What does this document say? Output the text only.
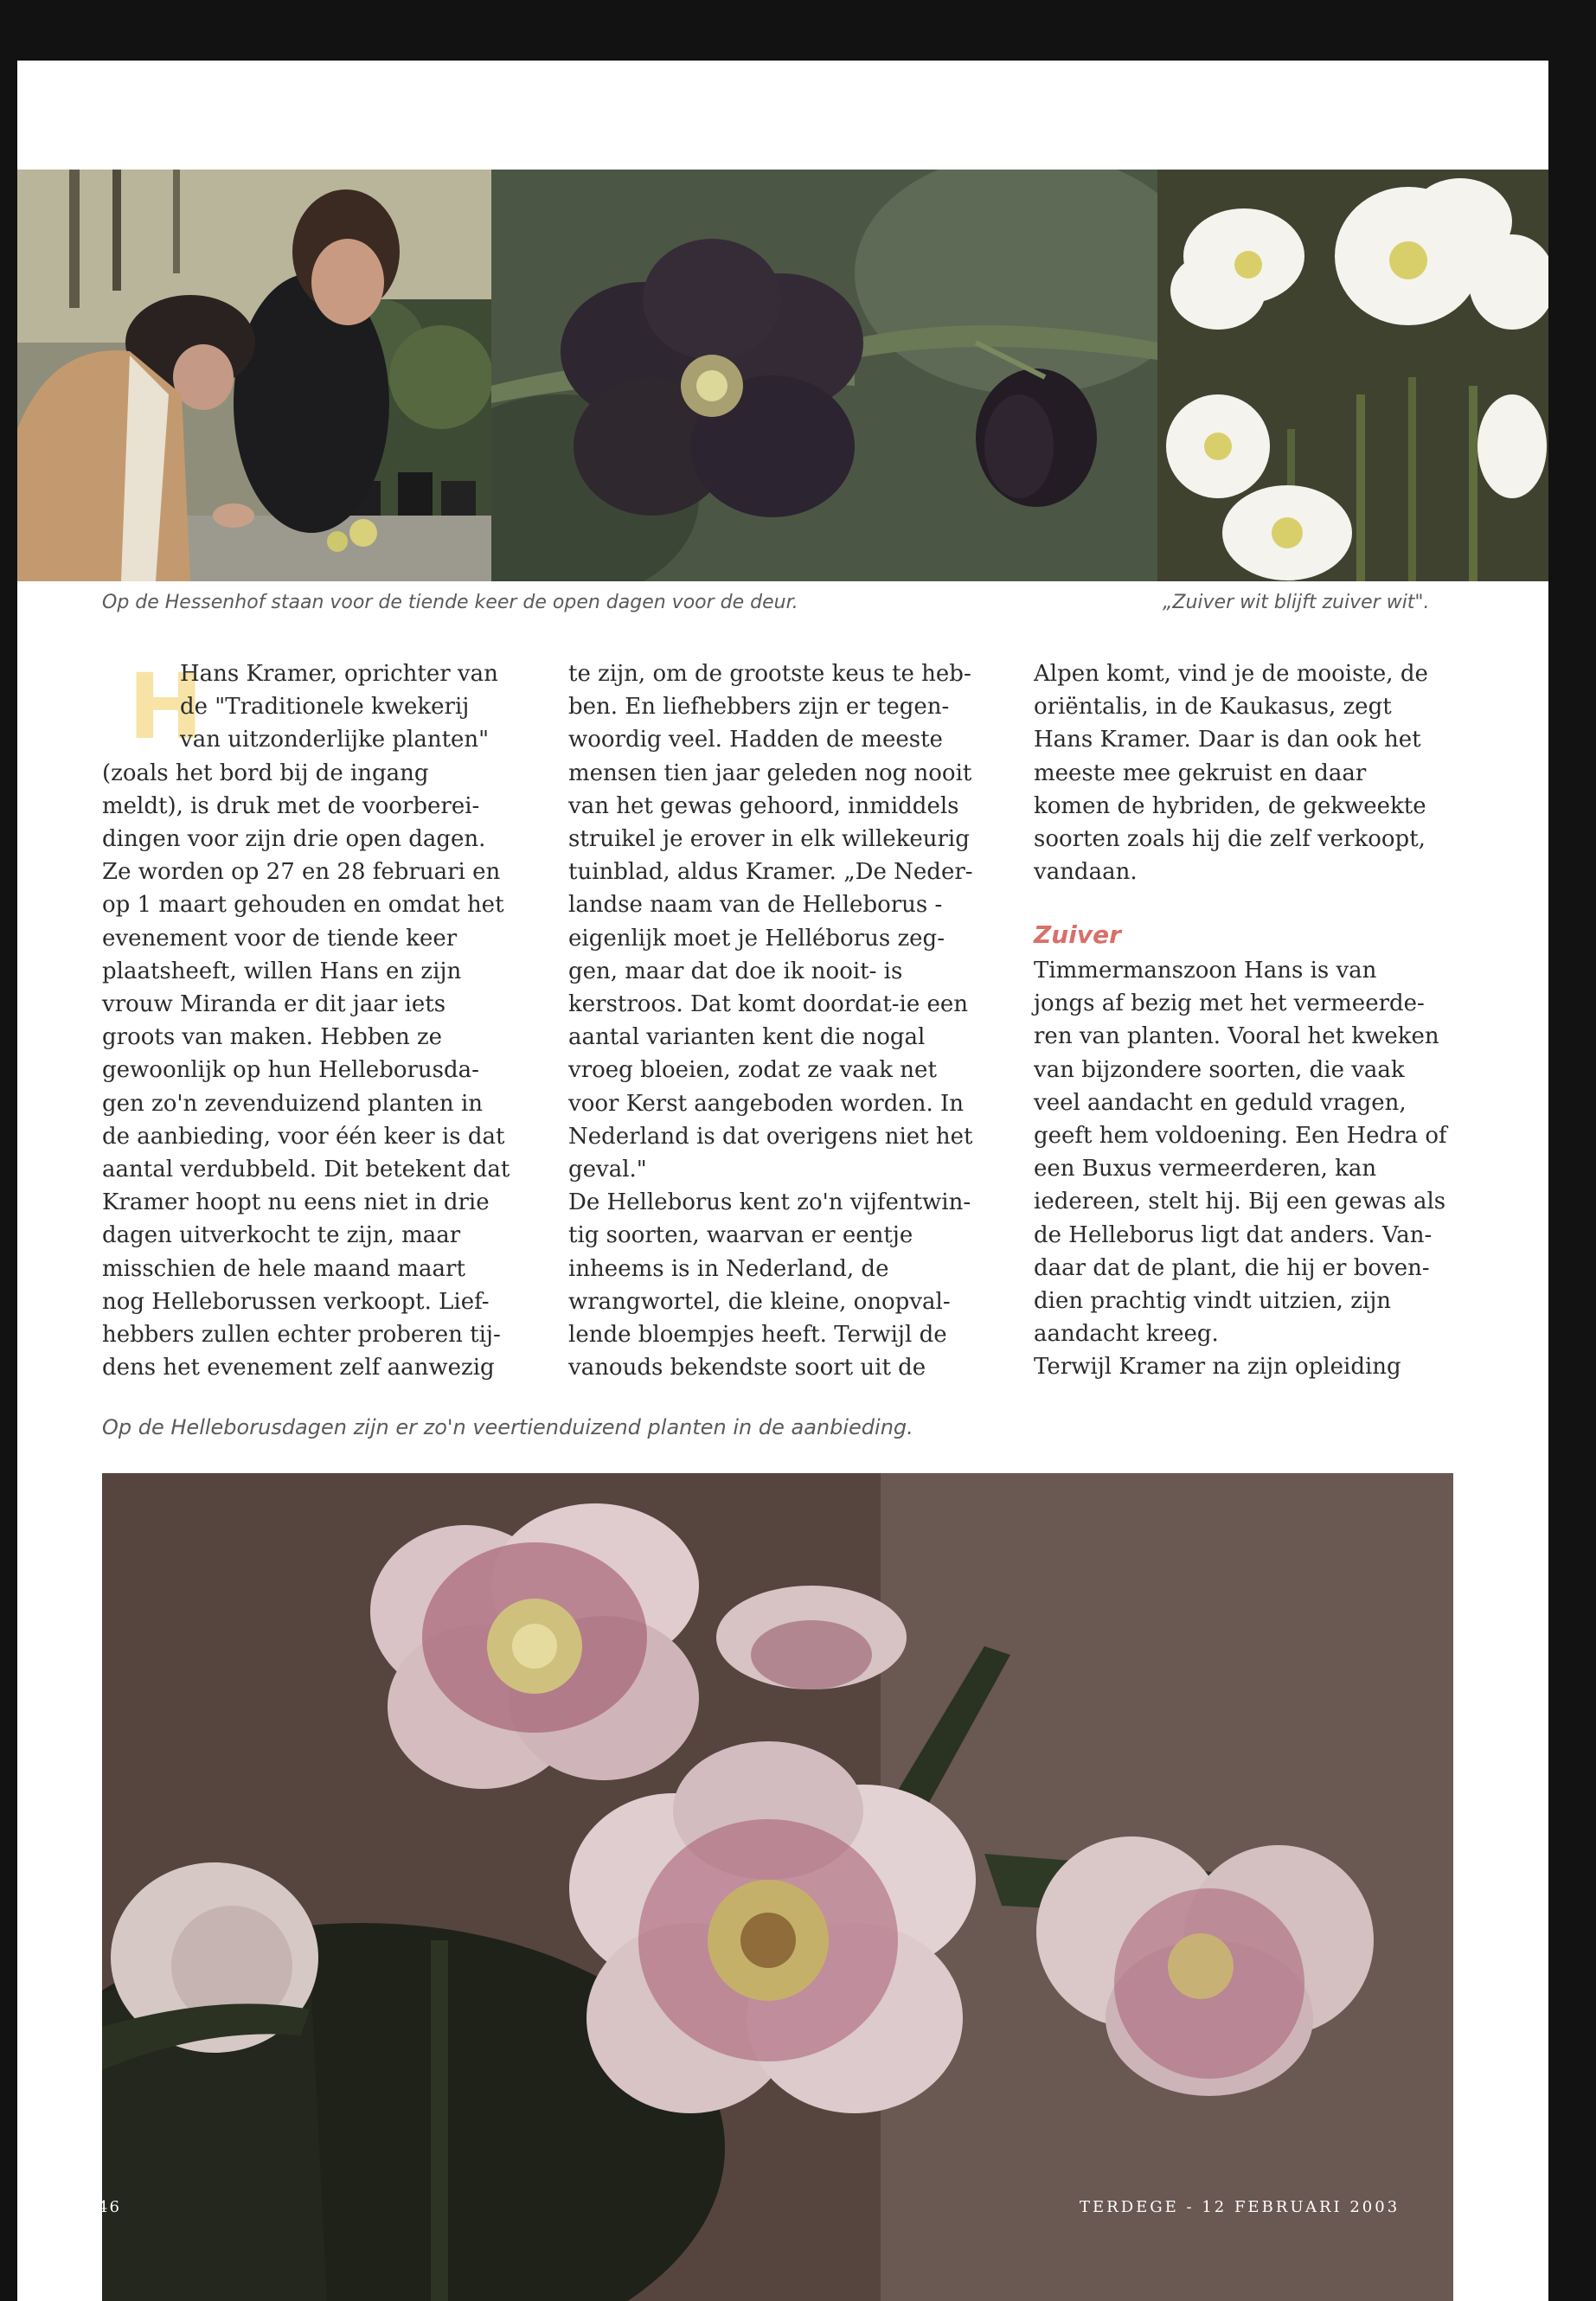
Op de Hessenhof staan voor de tiende keer de open dagen voor de deur.	„Zuiver wit blijft zuiver wit".
H
Hans Kramer, oprichter van
de "Traditionele kwekerij
van uitzonderlijke planten"
(zoals het bord bij de ingang
meldt), is druk met de voorberei-
dingen voor zijn drie open dagen.
Ze worden op 27 en 28 februari en
op 1 maart gehouden en omdat het
evenement voor de tiende keer
plaatsheeft, willen Hans en zijn
vrouw Miranda er dit jaar iets
groots van maken. Hebben ze
gewoonlijk op hun Helleborusda-
gen zo'n zevenduizend planten in
de aanbieding, voor één keer is dat
aantal verdubbeld. Dit betekent dat
Kramer hoopt nu eens niet in drie
dagen uitverkocht te zijn, maar
misschien de hele maand maart
nog Helleborussen verkoopt. Lief-
hebbers zullen echter proberen tij-
dens het evenement zelf aanwezig
te zijn, om de grootste keus te heb-
ben. En liefhebbers zijn er tegen-
woordig veel. Hadden de meeste
mensen tien jaar geleden nog nooit
van het gewas gehoord, inmiddels
struikel je erover in elk willekeurig
tuinblad, aldus Kramer. „De Neder-
landse naam van de Helleborus -
eigenlijk moet je Helléborus zeg-
gen, maar dat doe ik nooit- is
kerstroos. Dat komt doordat-ie een
aantal varianten kent die nogal
vroeg bloeien, zodat ze vaak net
voor Kerst aangeboden worden. In
Nederland is dat overigens niet het
geval."
De Helleborus kent zo'n vijfentwin-
tig soorten, waarvan er eentje
inheems is in Nederland, de
wrangwortel, die kleine, onopval-
lende bloempjes heeft. Terwijl de
vanouds bekendste soort uit de
Alpen komt, vind je de mooiste, de
oriëntalis, in de Kaukasus, zegt
Hans Kramer. Daar is dan ook het
meeste mee gekruist en daar
komen de hybriden, de gekweekte
soorten zoals hij die zelf verkoopt,
vandaan.
Zuiver
Timmermanszoon Hans is van
jongs af bezig met het vermeerde-
ren van planten. Vooral het kweken
van bijzondere soorten, die vaak
veel aandacht en geduld vragen,
geeft hem voldoening. Een Hedra of
een Buxus vermeerderen, kan
iedereen, stelt hij. Bij een gewas als
de Helleborus ligt dat anders. Van-
daar dat de plant, die hij er boven-
dien prachtig vindt uitzien, zijn
aandacht kreeg.
Terwijl Kramer na zijn opleiding
Op de Helleborusdagen zijn er zo'n veertienduizend planten in de aanbieding.
46	TERDEGE - 12 FEBRUARI 2003
